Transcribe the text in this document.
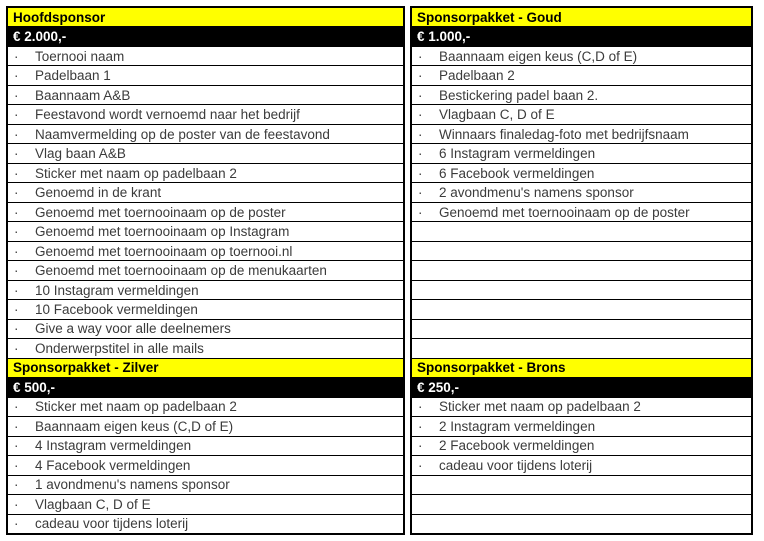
Hoofdsponsor
€ 2.000,-
·	Toernooi naam
·	Padelbaan 1
·	Baannaam A&B
·	Feestavond wordt vernoemd naar het bedrijf
·	Naamvermelding op de poster van de feestavond
·	Vlag baan A&B
·	Sticker met naam op padelbaan 2
·	Genoemd in de krant
·	Genoemd met toernooinaam op de poster
·	Genoemd met toernooinaam op Instagram
·	Genoemd met toernooinaam op toernooi.nl
·	Genoemd met toernooinaam op de menukaarten
·	10 Instagram vermeldingen
·	10 Facebook vermeldingen
·	Give a way voor alle deelnemers
·	Onderwerpstitel in alle mails
Sponsorpakket - Zilver
€ 500,-
·	Sticker met naam op padelbaan 2
·	Baannaam eigen keus (C,D of E)
·	4 Instagram vermeldingen
·	4 Facebook vermeldingen
·	1 avondmenu's namens sponsor
·	Vlagbaan C, D of E
·	cadeau voor tijdens loterij
Sponsorpakket - Goud
€ 1.000,-
·	Baannaam eigen keus (C,D of E)
·	Padelbaan 2
·	Bestickering padel baan 2.
·	Vlagbaan C, D of E
·	Winnaars finaledag-foto met bedrijfsnaam
·	6 Instagram vermeldingen
·	6 Facebook vermeldingen
·	2 avondmenu's namens sponsor
·	Genoemd met toernooinaam op de poster
Sponsorpakket - Brons
€ 250,-
·	Sticker met naam op padelbaan 2
·	2 Instagram vermeldingen
·	2 Facebook vermeldingen
·	cadeau voor tijdens loterij
